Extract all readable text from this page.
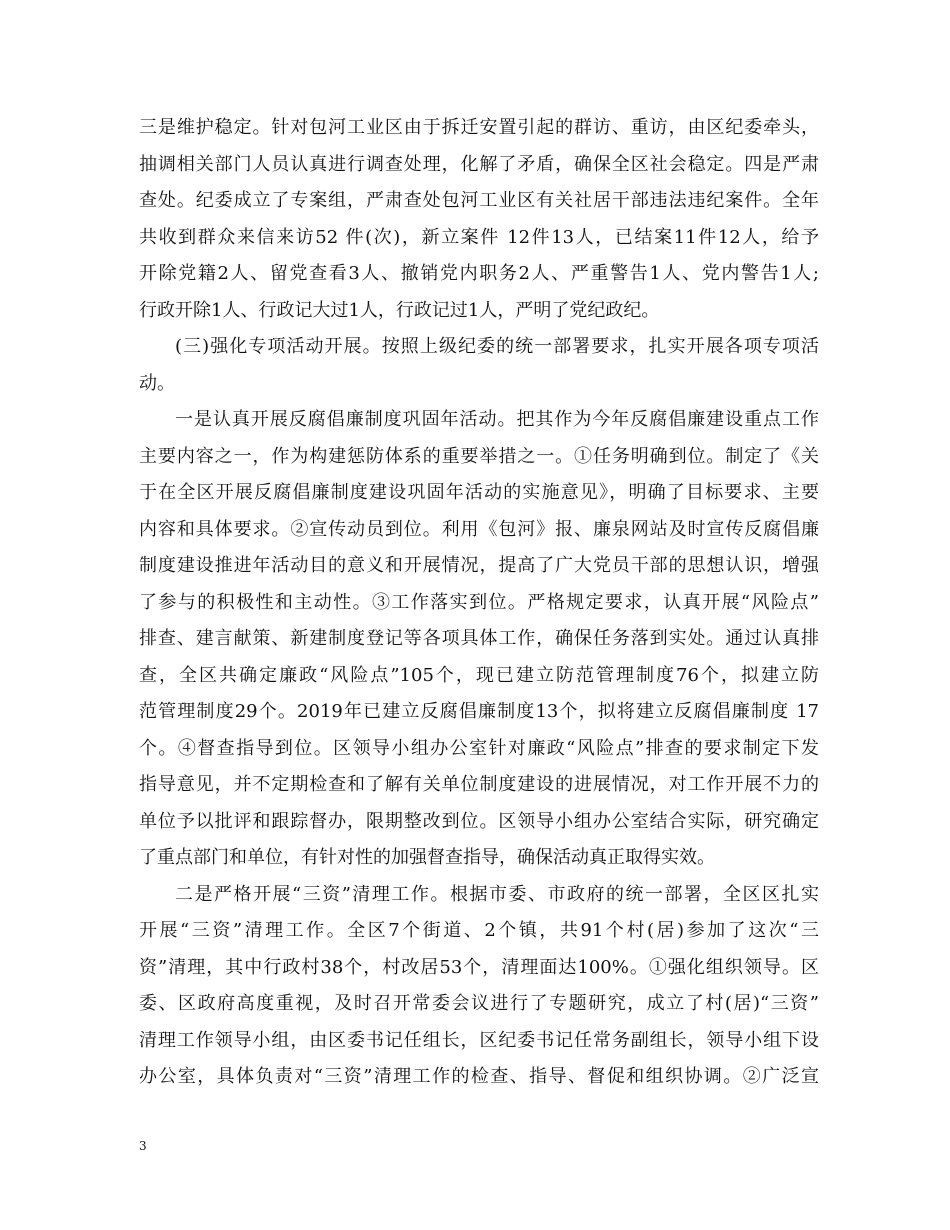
三是维护稳定。针对包河工业区由于拆迁安置引起的群访、重访，由区纪委牵头，
抽调相关部门人员认真进行调查处理，化解了矛盾，确保全区社会稳定。四是严肃
查处。纪委成立了专案组，严肃查处包河工业区有关社居干部违法违纪案件。全年
共收到群众来信来访52 件(次)，新立案件 12件13人，已结案11件12人，给予
开除党籍2人、留党查看3人、撤销党内职务2人、严重警告1人、党内警告1人;
行政开除1人、行政记大过1人，行政记过1人，严明了党纪政纪。
(三)强化专项活动开展。按照上级纪委的统一部署要求，扎实开展各项专项活
动。
一是认真开展反腐倡廉制度巩固年活动。把其作为今年反腐倡廉建设重点工作
主要内容之一，作为构建惩防体系的重要举措之一。①任务明确到位。制定了《关
于在全区开展反腐倡廉制度建设巩固年活动的实施意见》，明确了目标要求、主要
内容和具体要求。②宣传动员到位。利用《包河》报、廉泉网站及时宣传反腐倡廉
制度建设推进年活动目的意义和开展情况，提高了广大党员干部的思想认识，增强
了参与的积极性和主动性。③工作落实到位。严格规定要求，认真开展“风险点”
排查、建言献策、新建制度登记等各项具体工作，确保任务落到实处。通过认真排
查，全区共确定廉政“风险点”105个，现已建立防范管理制度76个，拟建立防
范管理制度29个。2019年已建立反腐倡廉制度13个，拟将建立反腐倡廉制度 17
个。④督查指导到位。区领导小组办公室针对廉政“风险点”排查的要求制定下发
指导意见，并不定期检查和了解有关单位制度建设的进展情况，对工作开展不力的
单位予以批评和跟踪督办，限期整改到位。区领导小组办公室结合实际，研究确定
了重点部门和单位，有针对性的加强督查指导，确保活动真正取得实效。
二是严格开展“三资”清理工作。根据市委、市政府的统一部署，全区区扎实
开展“三资”清理工作。全区7个街道、2个镇，共91个村(居)参加了这次“三
资”清理，其中行政村38个，村改居53个，清理面达100%。①强化组织领导。区
委、区政府高度重视，及时召开常委会议进行了专题研究，成立了村(居)“三资”
清理工作领导小组，由区委书记任组长，区纪委书记任常务副组长，领导小组下设
办公室，具体负责对“三资”清理工作的检查、指导、督促和组织协调。②广泛宣
3
